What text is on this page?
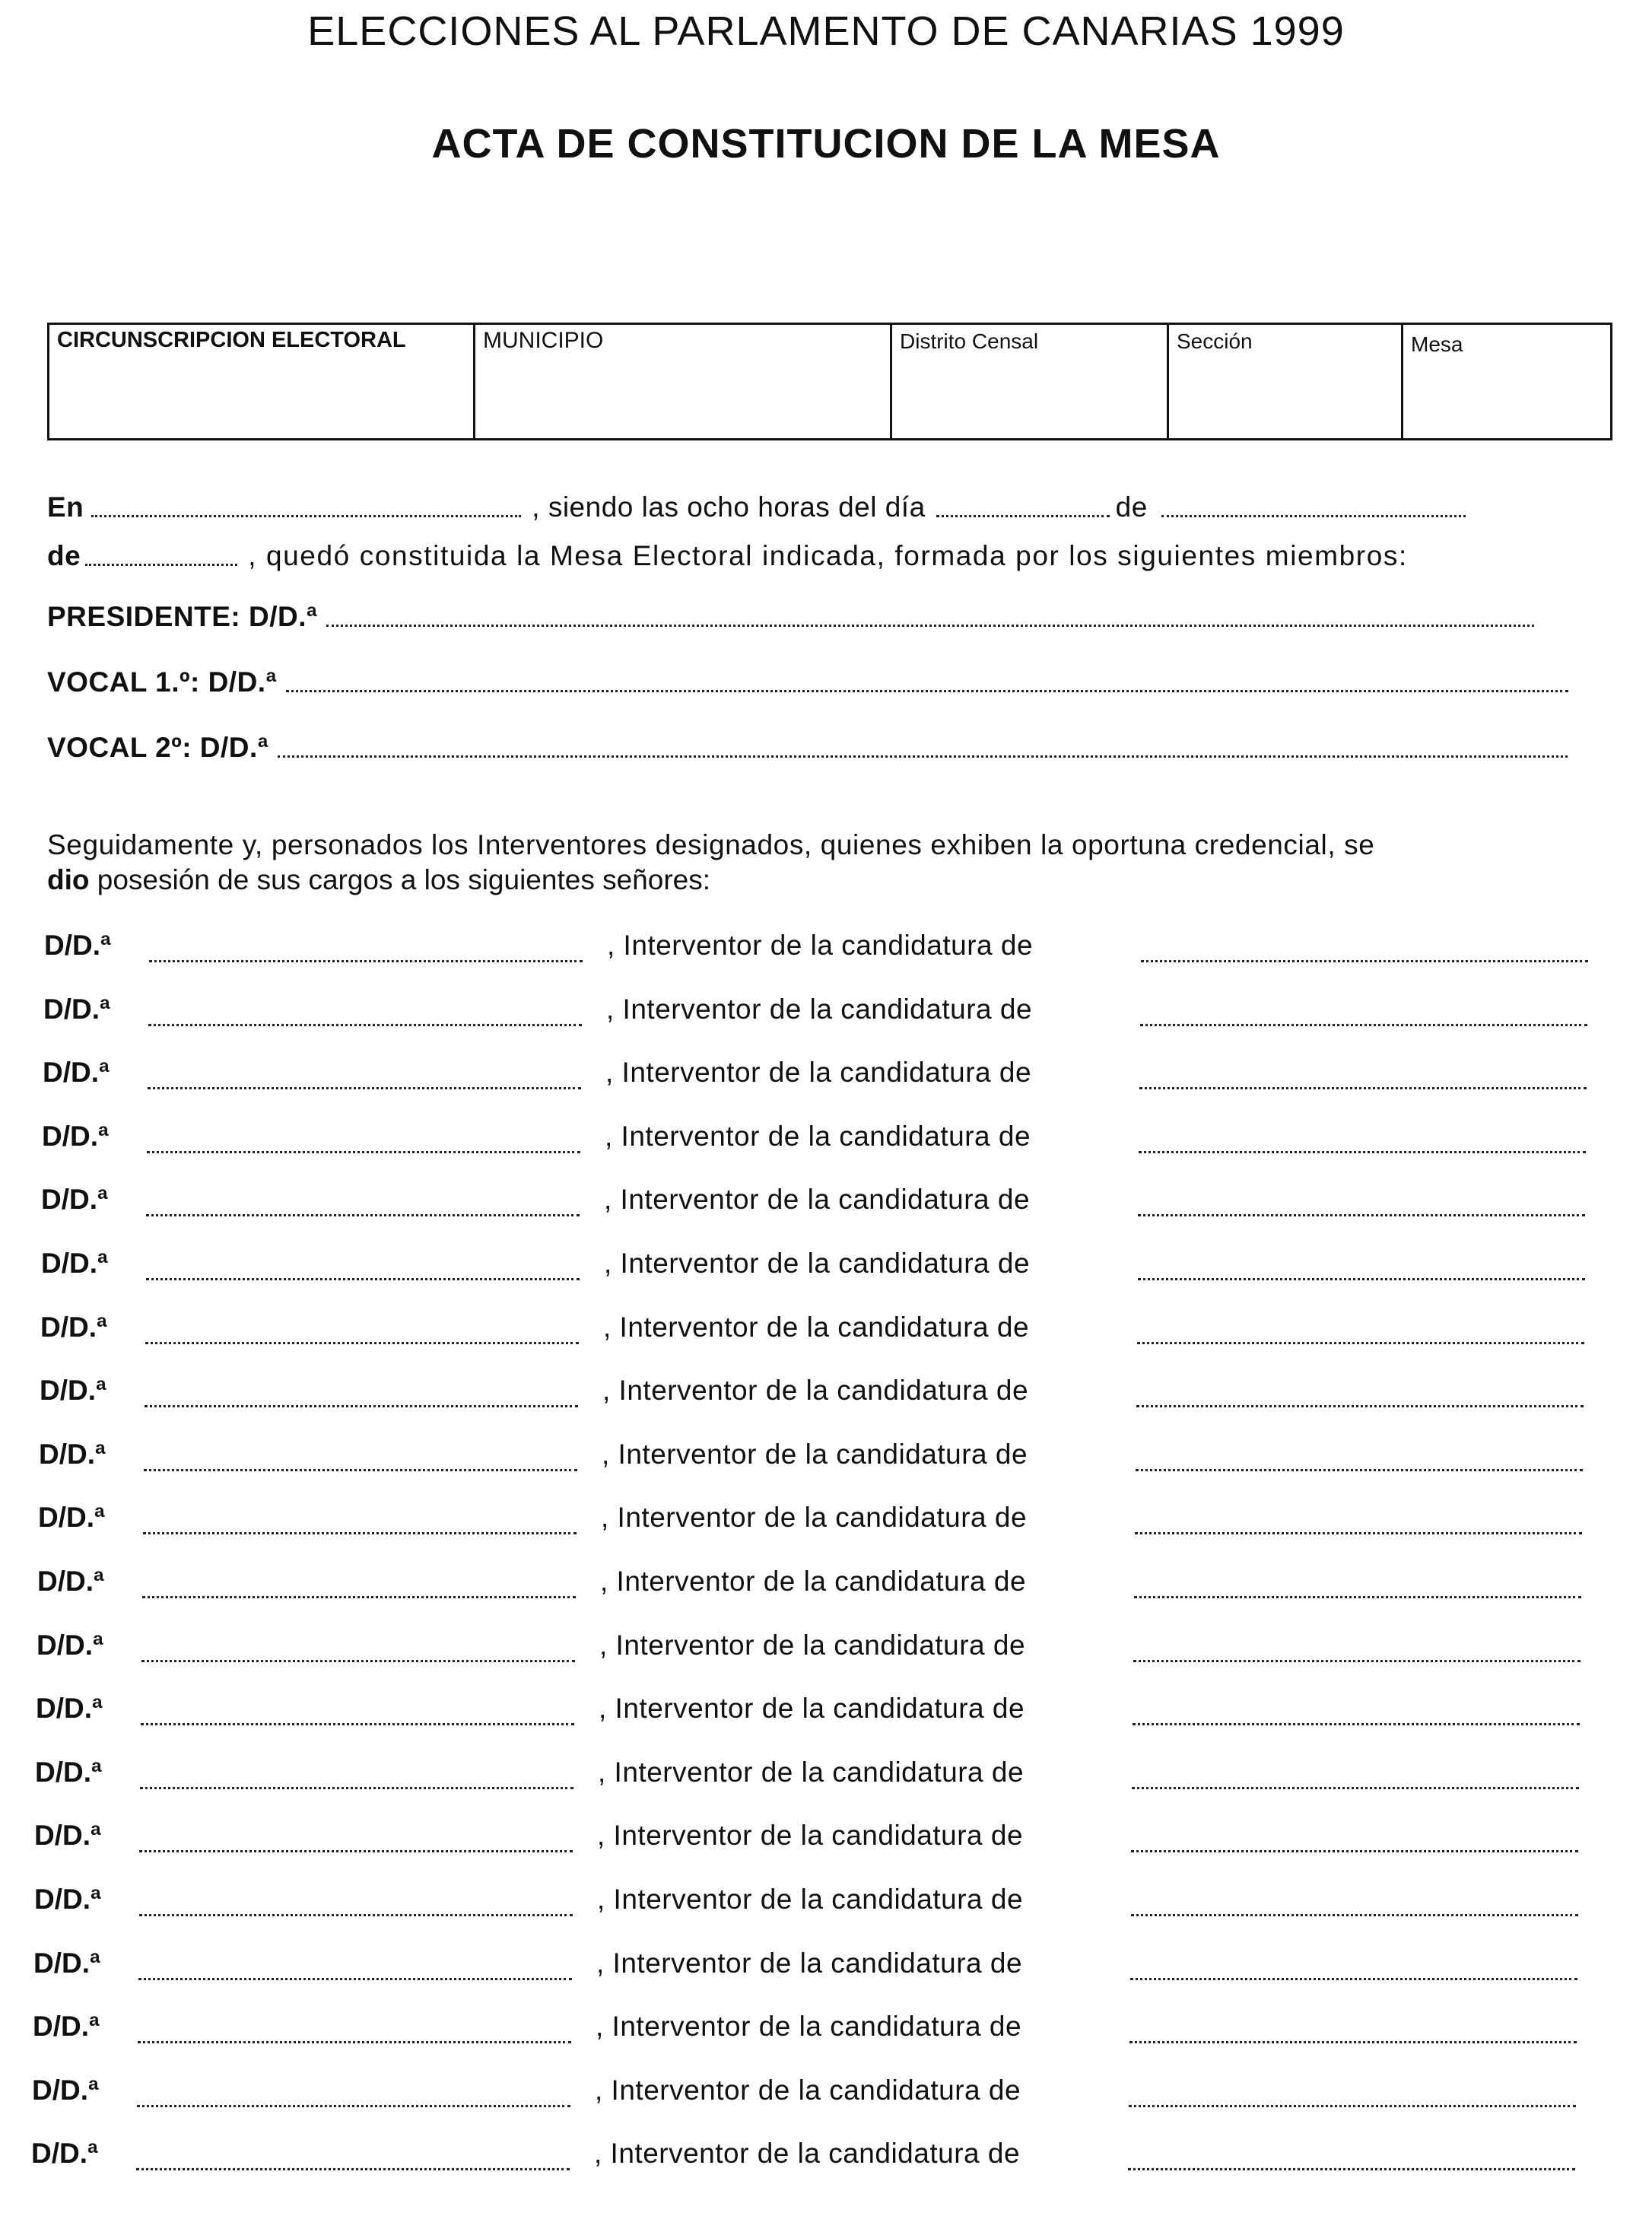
ELECCIONES AL PARLAMENTO DE CANARIAS 1999
ACTA DE CONSTITUCION DE LA MESA
CIRCUNSCRIPCION ELECTORAL	MUNICIPIO	Distrito Censal	Sección	Mesa
En	, siendo las ocho horas del día	de
de	, quedó constituida la Mesa Electoral indicada, formada por los siguientes miembros:
PRESIDENTE: D/D.ª
VOCAL 1.º: D/D.ª
VOCAL 2º: D/D.ª
Seguidamente y, personados los Interventores designados, quienes exhiben la oportuna credencial, se
dio posesión de sus cargos a los siguientes señores:
D/D.ª	, Interventor de la candidatura de
D/D.ª	, Interventor de la candidatura de
D/D.ª	, Interventor de la candidatura de
D/D.ª	, Interventor de la candidatura de
D/D.ª	, Interventor de la candidatura de
D/D.ª	, Interventor de la candidatura de
D/D.ª	, Interventor de la candidatura de
D/D.ª	, Interventor de la candidatura de
D/D.ª	, Interventor de la candidatura de
D/D.ª	, Interventor de la candidatura de
D/D.ª	, Interventor de la candidatura de
D/D.ª	, Interventor de la candidatura de
D/D.ª	, Interventor de la candidatura de
D/D.ª	, Interventor de la candidatura de
D/D.ª	, Interventor de la candidatura de
D/D.ª	, Interventor de la candidatura de
D/D.ª	, Interventor de la candidatura de
D/D.ª	, Interventor de la candidatura de
D/D.ª	, Interventor de la candidatura de
D/D.ª	, Interventor de la candidatura de
